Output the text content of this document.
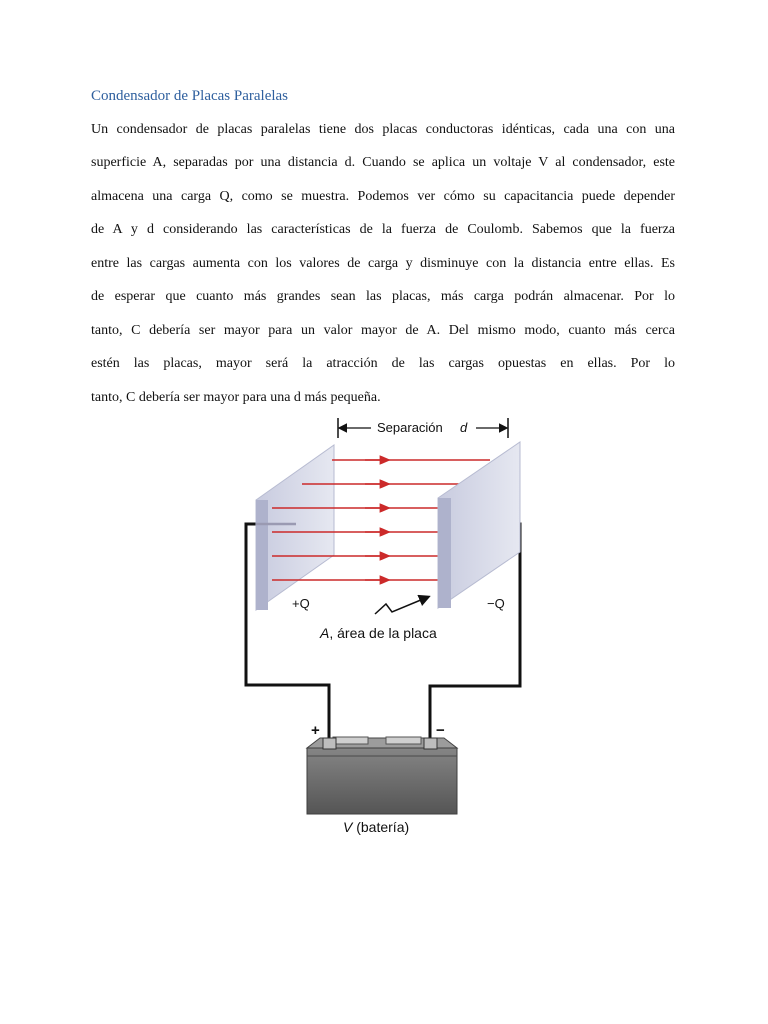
Condensador de Placas Paralelas
Un condensador de placas paralelas tiene dos placas conductoras idénticas, cada una con una
superficie A, separadas por una distancia d. Cuando se aplica un voltaje V al condensador, este
almacena una carga Q, como se muestra. Podemos ver cómo su capacitancia puede depender
de A y d considerando las características de la fuerza de Coulomb. Sabemos que la fuerza
entre las cargas aumenta con los valores de carga y disminuye con la distancia entre ellas. Es
de esperar que cuanto más grandes sean las placas, más carga podrán almacenar. Por lo
tanto, C debería ser mayor para un valor mayor de A. Del mismo modo, cuanto más cerca
estén las placas, mayor será la atracción de las cargas opuestas en ellas. Por lo
tanto, C debería ser mayor para una d más pequeña.
Separación d
+Q	−Q
A, área de la placa
+	−
V (batería)
